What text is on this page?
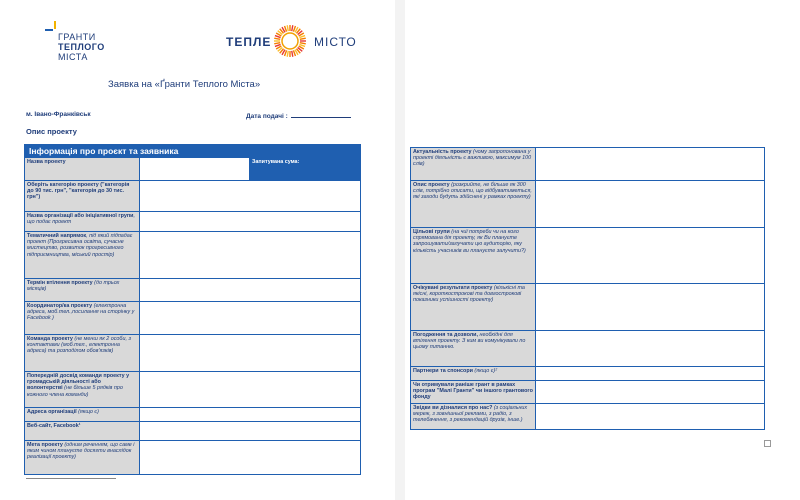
ГРАНТИ
ТЕПЛОГО
МІСТА
ТЕПЛЕ	МІСТО
Заявка на «Ґранти Теплого Міста»
м. Івано-Франківськ	Дата подачі :
Опис проекту
Інформація про проєкт та заявника		
Назва проекту		Запитувана сума:
Оберіть категорію проекту ("категорія до 90 тис. грн", "категорія до 30 тис. грн")		
Назва організації або ініціативної групи, що подає проект		
Тематичний напрямок, під який підпадає проект (Прогресивна освіта, сучасне мистецтво, розвиток прогресивного підприємництва, міський простір)		
Термін втілення проекту (до трьох місяців)		
Координатор/ка проекту (електронна адреса, моб.тел.,посилання на сторінку у Facebook )		
Команда проекту (не менш як 2 особи, з контактами (моб.тел., електронна адреса) та розподілом обов'язків)		
Попередній досвід команди проекту у громадській діяльності або волонтерстві (не більше 5 рядків про кожного члена команди)		
Адреса організації (якщо є)		
Веб-сайт, Facebook¹		
Мета проекту (одним реченням, що саме і яким чином плануєте досягти внаслідок реалізації проекту)		
Актуальність проекту (чому запропонована у проекті діяльність є важливою, максимум 100 слів)	
Опис проекту (розкрийте, не більше як 300 слів, потрібно описати, що відбуватиметься, які заходи будуть здійснені у рамках проекту)	
Цільові групи (на чиї потреби чи на кого спрямована дія проекту, як Ви плануєте запрошувати/залучати цю аудиторію, яку кількість учасників ви плануєте залучити?)	
Очікувані результати проекту (кількісні та якісні, короткострокові та довгострокові показники успішності проекту)	
Погодження та дозволи, необхідні для втілення проекту. З ким ви комунікували по цьому питанню.	
Партнери та спонсори (якщо є)²	
Чи отримували раніше грант в рамках програм "Малі Гранти" чи іншого грантового фонду	
Звідки ви дізналися про нас? (з соціальних мереж, з зовнішньої реклами, з радіо, з телебачення, з рекомендацій друзів, інше.)	
